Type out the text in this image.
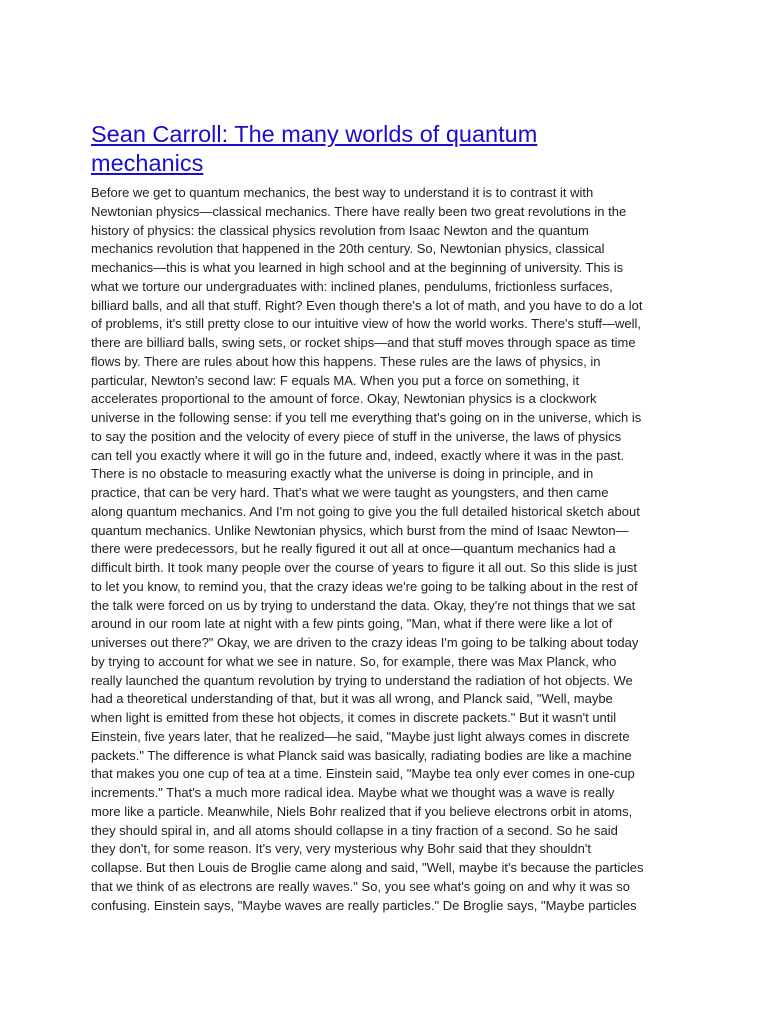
Sean Carroll: The many worlds of quantum
mechanics
Before we get to quantum mechanics, the best way to understand it is to contrast it with
Newtonian physics—classical mechanics. There have really been two great revolutions in the
history of physics: the classical physics revolution from Isaac Newton and the quantum
mechanics revolution that happened in the 20th century. So, Newtonian physics, classical
mechanics—this is what you learned in high school and at the beginning of university. This is
what we torture our undergraduates with: inclined planes, pendulums, frictionless surfaces,
billiard balls, and all that stuff. Right? Even though there's a lot of math, and you have to do a lot
of problems, it's still pretty close to our intuitive view of how the world works. There's stuff—well,
there are billiard balls, swing sets, or rocket ships—and that stuff moves through space as time
flows by. There are rules about how this happens. These rules are the laws of physics, in
particular, Newton's second law: F equals MA. When you put a force on something, it
accelerates proportional to the amount of force. Okay, Newtonian physics is a clockwork
universe in the following sense: if you tell me everything that's going on in the universe, which is
to say the position and the velocity of every piece of stuff in the universe, the laws of physics
can tell you exactly where it will go in the future and, indeed, exactly where it was in the past.
There is no obstacle to measuring exactly what the universe is doing in principle, and in
practice, that can be very hard. That's what we were taught as youngsters, and then came
along quantum mechanics. And I'm not going to give you the full detailed historical sketch about
quantum mechanics. Unlike Newtonian physics, which burst from the mind of Isaac Newton—
there were predecessors, but he really figured it out all at once—quantum mechanics had a
difficult birth. It took many people over the course of years to figure it all out. So this slide is just
to let you know, to remind you, that the crazy ideas we're going to be talking about in the rest of
the talk were forced on us by trying to understand the data. Okay, they're not things that we sat
around in our room late at night with a few pints going, "Man, what if there were like a lot of
universes out there?" Okay, we are driven to the crazy ideas I'm going to be talking about today
by trying to account for what we see in nature. So, for example, there was Max Planck, who
really launched the quantum revolution by trying to understand the radiation of hot objects. We
had a theoretical understanding of that, but it was all wrong, and Planck said, "Well, maybe
when light is emitted from these hot objects, it comes in discrete packets." But it wasn't until
Einstein, five years later, that he realized—he said, "Maybe just light always comes in discrete
packets." The difference is what Planck said was basically, radiating bodies are like a machine
that makes you one cup of tea at a time. Einstein said, "Maybe tea only ever comes in one-cup
increments." That's a much more radical idea. Maybe what we thought was a wave is really
more like a particle. Meanwhile, Niels Bohr realized that if you believe electrons orbit in atoms,
they should spiral in, and all atoms should collapse in a tiny fraction of a second. So he said
they don't, for some reason. It's very, very mysterious why Bohr said that they shouldn't
collapse. But then Louis de Broglie came along and said, "Well, maybe it's because the particles
that we think of as electrons are really waves." So, you see what's going on and why it was so
confusing. Einstein says, "Maybe waves are really particles." De Broglie says, "Maybe particles
